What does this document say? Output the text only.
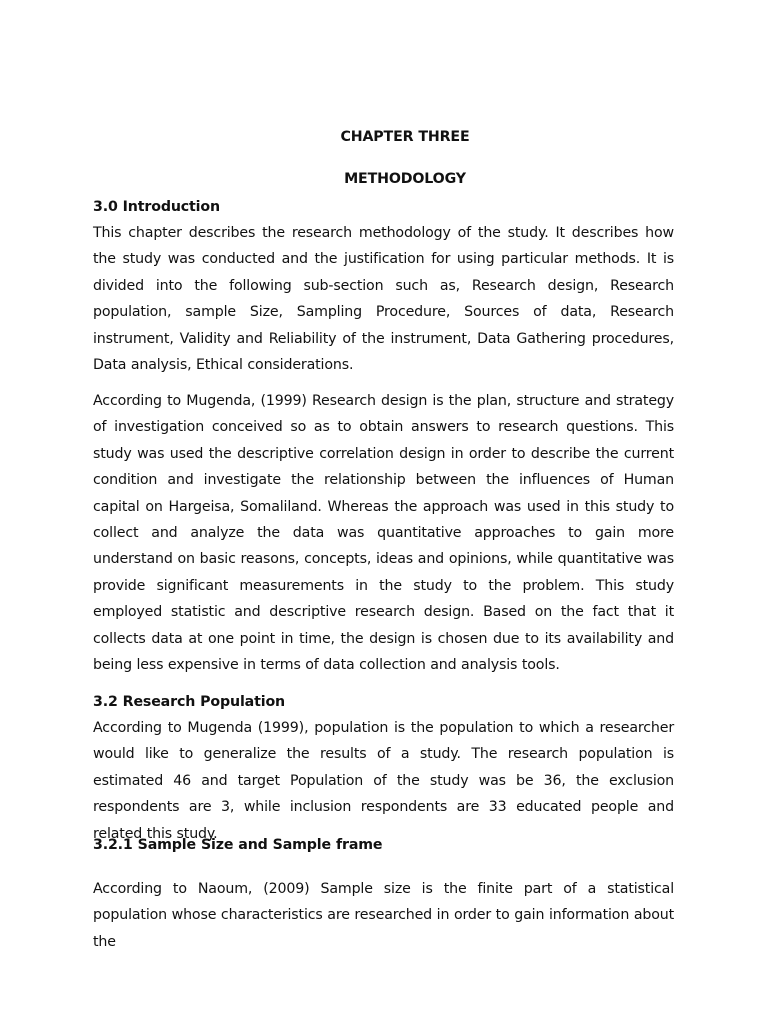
CHAPTER THREE
METHODOLOGY
3.0 Introduction

This chapter describes the research methodology of the study. It describes how the study was conducted and the justification for using particular methods. It is divided into the following sub-section such as, Research design, Research population, sample Size, Sampling Procedure, Sources of data, Research instrument, Validity and Reliability of the instrument, Data Gathering procedures, Data analysis, Ethical considerations.

According to Mugenda, (1999) Research design is the plan, structure and strategy of investigation conceived so as to obtain answers to research questions. This study was used the descriptive correlation design in order to describe the current condition and investigate the relationship between the influences of Human capital on Hargeisa, Somaliland. Whereas the approach was used in this study to collect and analyze the data was quantitative approaches to gain more understand on basic reasons, concepts, ideas and opinions, while quantitative was provide significant measurements in the study to the problem. This study employed statistic and descriptive research design. Based on the fact that it collects data at one point in time, the design is chosen due to its availability and being less expensive in terms of data collection and analysis tools.

3.2 Research Population

According to Mugenda (1999), population is the population to which a researcher would like to generalize the results of a study. The research population is estimated 46 and target Population of the study was be 36, the exclusion respondents are 3, while inclusion respondents are 33 educated people and related this study.

3.2.1 Sample Size and Sample frame

According to Naoum, (2009) Sample size is the finite part of a statistical population whose characteristics are researched in order to gain information about the
